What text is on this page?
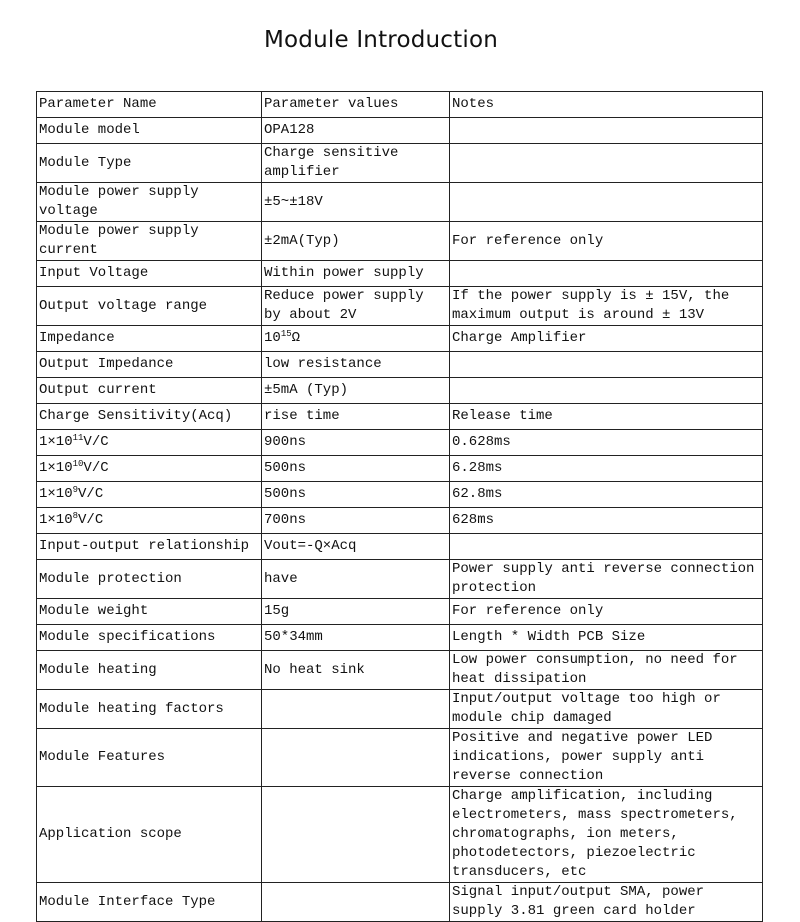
Module Introduction
Parameter Name	Parameter values	Notes
Module model	OPA128	
Module Type	Charge sensitive amplifier	
Module power supply voltage	±5~±18V	
Module power supply current	±2mA(Typ)	For reference only
Input Voltage	Within power supply	
Output voltage range	Reduce power supply by about 2V	If the power supply is ± 15V, the maximum output is around ± 13V
Impedance	$10^{15}\Omega$	Charge Amplifier
Output Impedance	low resistance	
Output current	±5mA (Typ)	
Charge Sensitivity(Acq)	rise time	Release time
$1\times 10^{11}V/C$	900ns	0.628ms
$1\times 10^{10}V/C$	500ns	6.28ms
$1\times 10^9V/C$	500ns	62.8ms
$1\times 10^8V/C$	700ns	628ms
Input-output relationship	Vout=-Q×Acq	
Module protection	have	Power supply anti reverse connection protection
Module weight	15g	For reference only
Module specifications	50*34mm	Length * Width PCB Size
Module heating	No heat sink	Low power consumption, no need for heat dissipation
Module heating factors		Input/output voltage too high or module chip damaged
Module Features		Positive and negative power LED indications, power supply anti reverse connection
Application scope		Charge amplification, including electrometers, mass spectrometers, chromatographs, ion meters, photodetectors, piezoelectric transducers, etc
Module Interface Type		Signal input/output SMA, power supply 3.81 green card holder
